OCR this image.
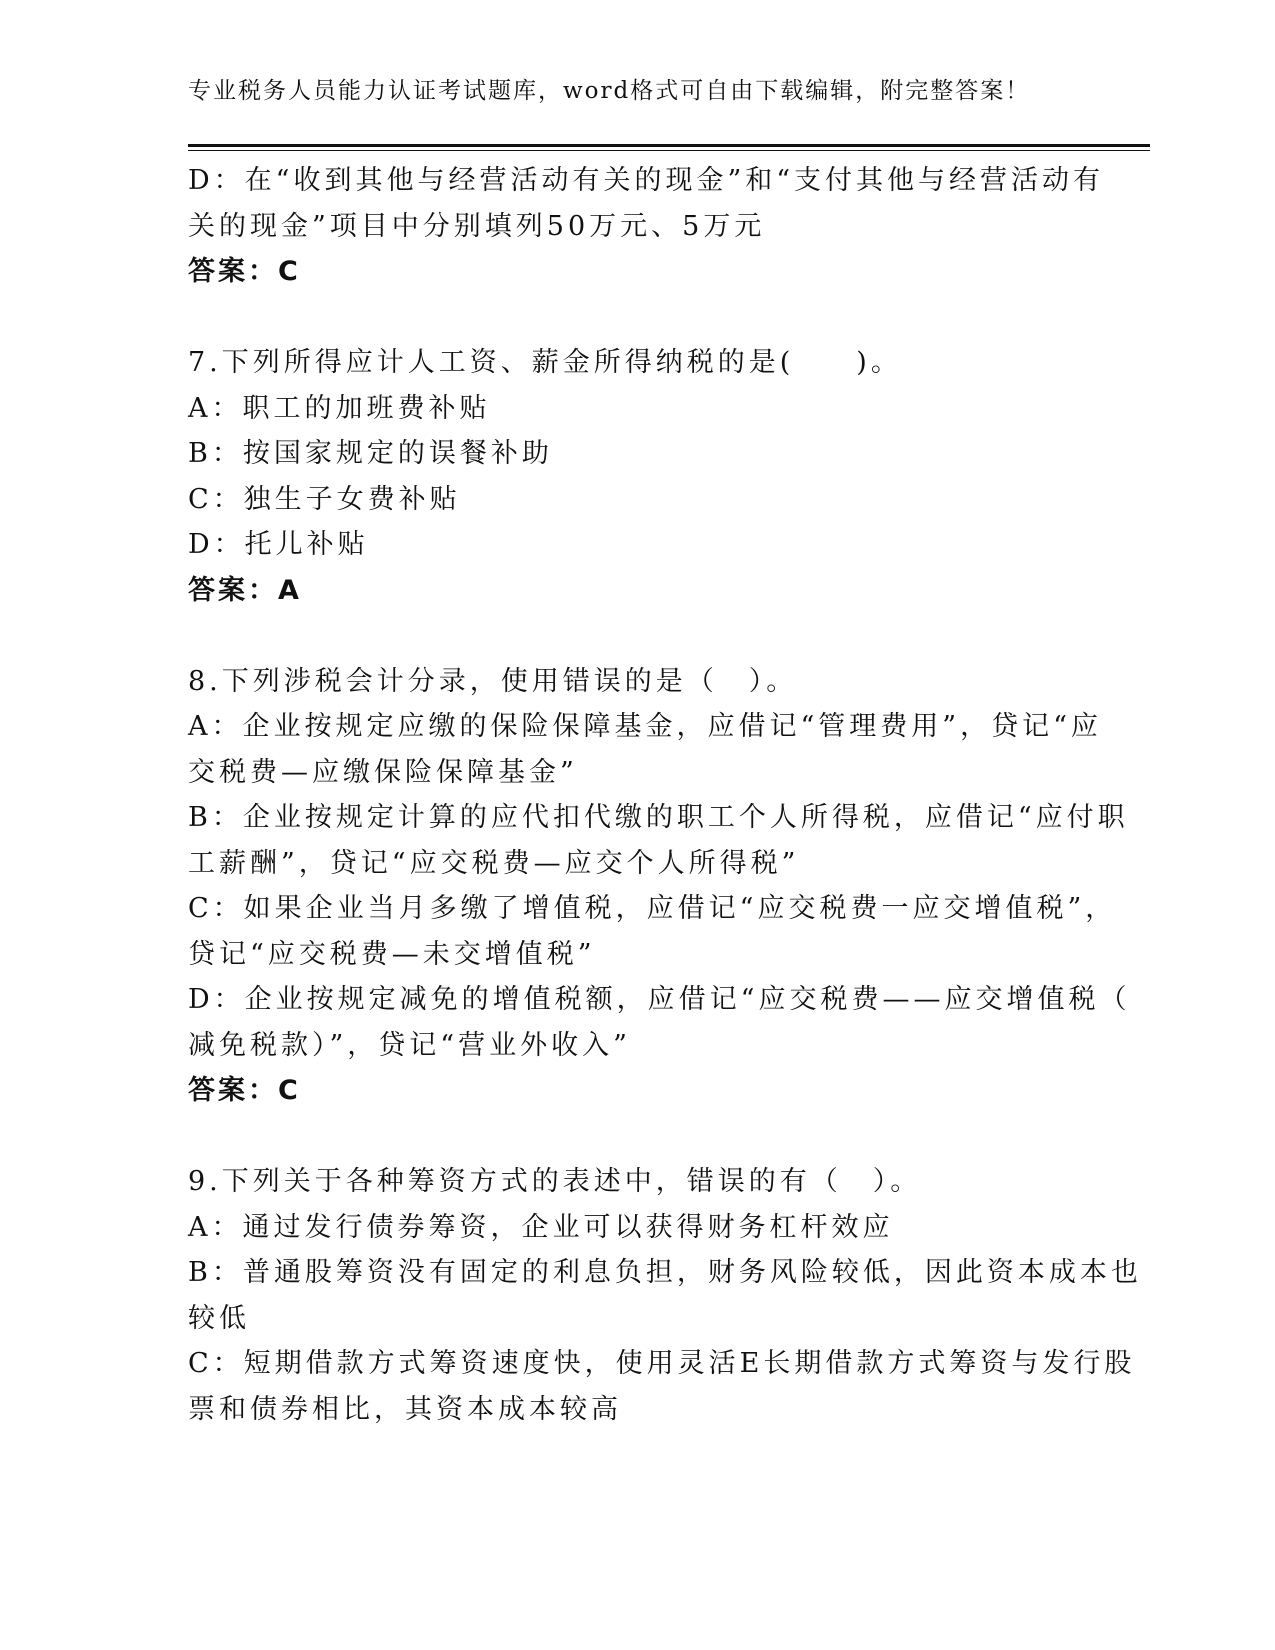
专业税务人员能力认证考试题库，word格式可自由下载编辑，附完整答案！
D：在“收到其他与经营活动有关的现金”和“支付其他与经营活动有
关的现金”项目中分别填列50万元、5万元
答案：C
7.下列所得应计人工资、薪金所得纳税的是(　　)。
A：职工的加班费补贴
B：按国家规定的误餐补助
C：独生子女费补贴
D：托儿补贴
答案：A
8.下列涉税会计分录，使用错误的是（　）。
A：企业按规定应缴的保险保障基金，应借记“管理费用”，贷记“应
交税费—应缴保险保障基金”
B：企业按规定计算的应代扣代缴的职工个人所得税，应借记“应付职
工薪酬”，贷记“应交税费—应交个人所得税”
C：如果企业当月多缴了增值税，应借记“应交税费一应交增值税”，
贷记“应交税费—未交增值税”
D：企业按规定减免的增值税额，应借记“应交税费——应交增值税（
减免税款）”，贷记“营业外收入”
答案：C
9.下列关于各种筹资方式的表述中，错误的有（　）。
A：通过发行债券筹资，企业可以获得财务杠杆效应
B：普通股筹资没有固定的利息负担，财务风险较低，因此资本成本也
较低
C：短期借款方式筹资速度快，使用灵活E长期借款方式筹资与发行股
票和债券相比，其资本成本较高
